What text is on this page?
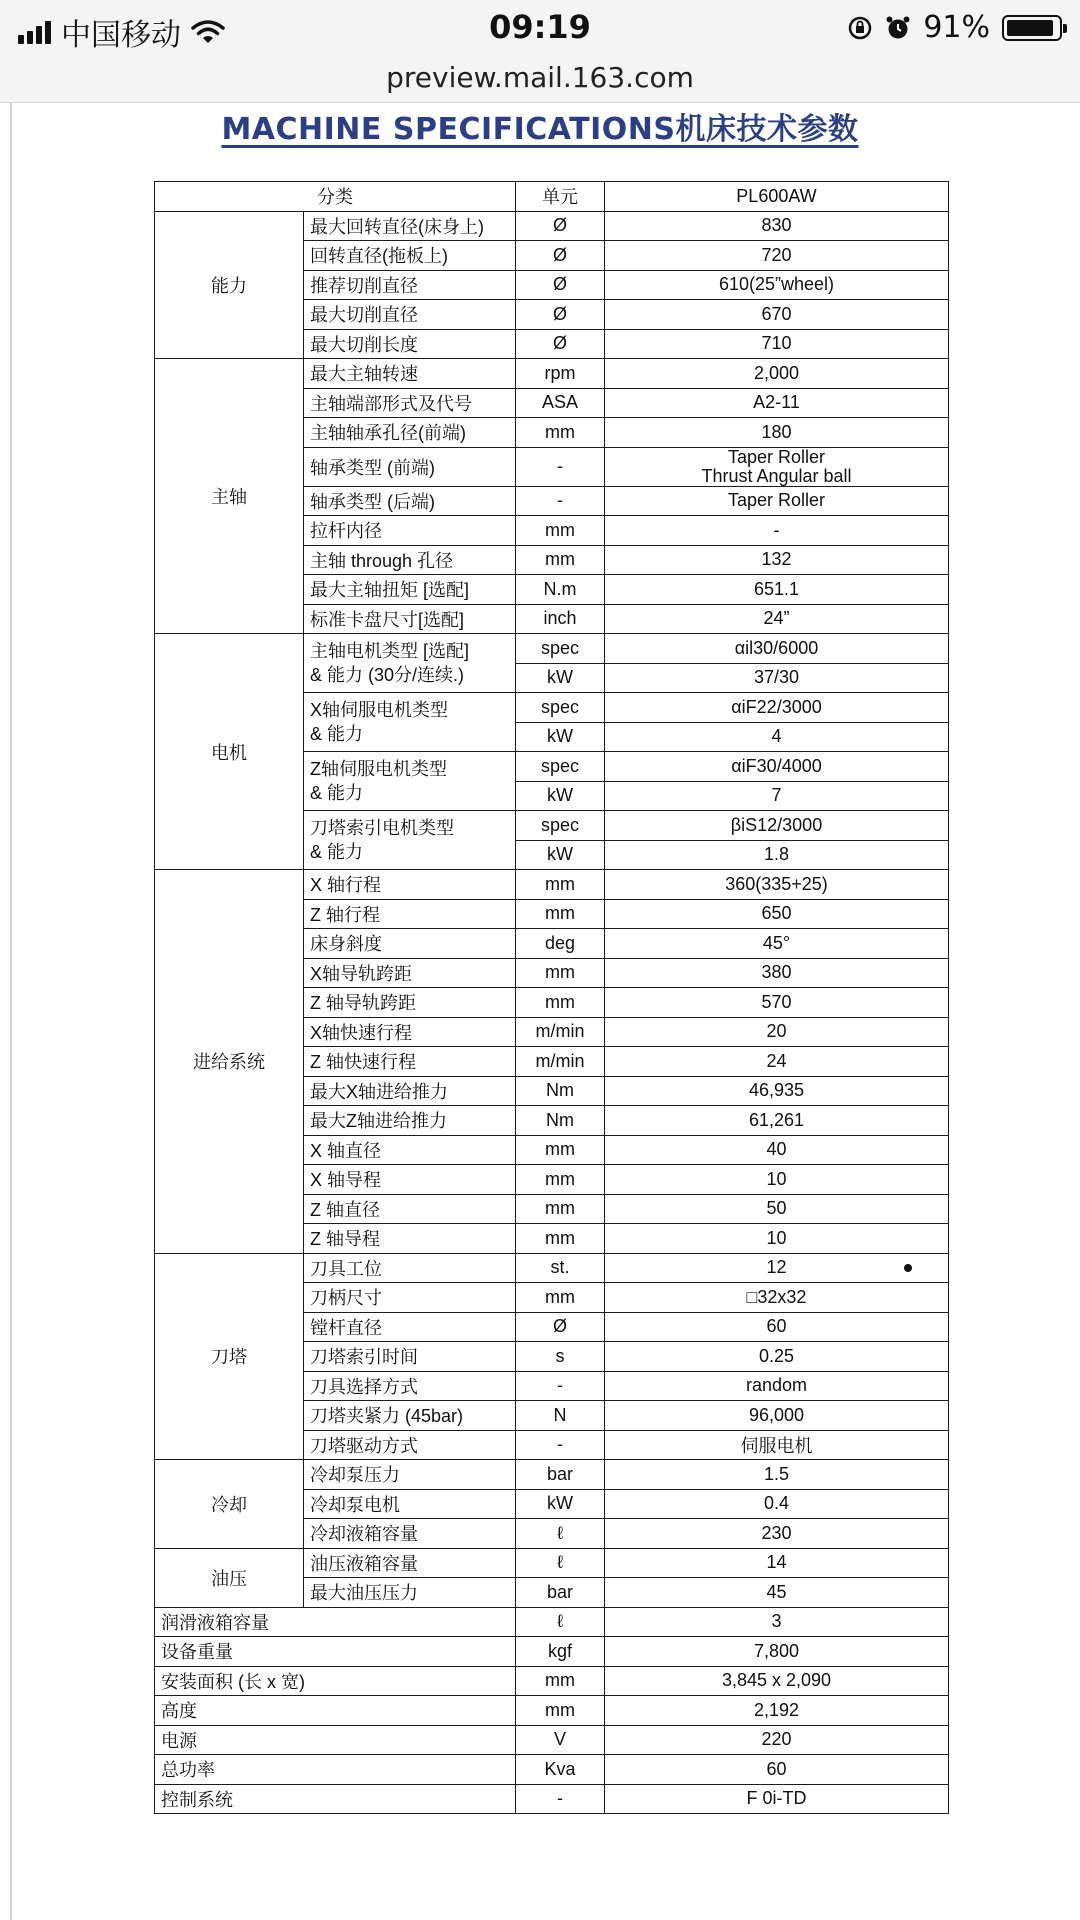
中国移动	09:19	91%
preview.mail.163.com
MACHINE SPECIFICATIONS机床技术参数
分类		单元	PL600AW
能力	最大回转直径(床身上)	Ø	830
	回转直径(拖板上)	Ø	720
	推荐切削直径	Ø	610(25”wheel)
	最大切削直径	Ø	670
	最大切削长度	Ø	710
主轴	最大主轴转速	rpm	2,000
	主轴端部形式及代号	ASA	A2-11
	主轴轴承孔径(前端)	mm	180
	轴承类型 (前端)	-	Taper Roller
Thrust Angular ball

	轴承类型 (后端)	-	Taper Roller
	拉杆内径	mm	-
	主轴 through 孔径	mm	132
	最大主轴扭矩 [选配]	N.m	651.1
	标准卡盘尺寸[选配]	inch	24”
电机	主轴电机类型 [选配]
& 能力 (30分/连续.)	spec	αil30/6000
		kW	37/30

	X轴伺服电机类型
& 能力	spec	αiF22/3000
		kW	4

	Z轴伺服电机类型
& 能力	spec	αiF30/4000
		kW	7

	刀塔索引电机类型
& 能力	spec	βiS12/3000
		kW	1.8
进给系统	X 轴行程	mm	360(335+25)
	Z 轴行程	mm	650
	床身斜度	deg	45°
	X轴导轨跨距	mm	380
	Z 轴导轨跨距	mm	570
	X轴快速行程	m/min	20
	Z 轴快速行程	m/min	24
	最大X轴进给推力	Nm	46,935
	最大Z轴进给推力	Nm	61,261
	X 轴直径	mm	40
	X 轴导程	mm	10
	Z 轴直径	mm	50
	Z 轴导程	mm	10
刀塔	刀具工位	st.	12

	刀柄尺寸	mm	□32x32
	镗杆直径	Ø	60
	刀塔索引时间	s	0.25
	刀具选择方式	-	random
	刀塔夹紧力 (45bar)	N	96,000
	刀塔驱动方式	-	伺服电机
冷却	冷却泵压力	bar	1.5
	冷却泵电机	kW	0.4
	冷却液箱容量	ℓ	230
油压	油压液箱容量	ℓ	14
	最大油压压力	bar	45
润滑液箱容量		ℓ	3
设备重量		kgf	7,800
安装面积 (长 x 宽)		mm	3,845 x 2,090
高度		mm	2,192
电源		V	220
总功率		Kva	60
控制系统		-	F 0i-TD
